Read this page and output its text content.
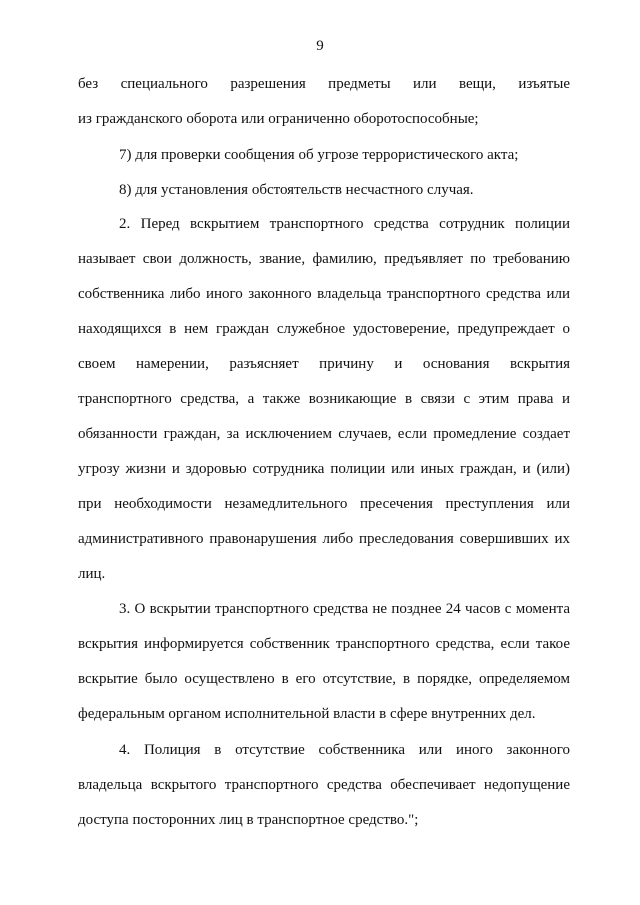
9
без специального разрешения предметы или вещи, изъятые
из гражданского оборота или ограниченно оборотоспособные;
7) для проверки сообщения об угрозе террористического акта;
8) для установления обстоятельств несчастного случая.
2. Перед вскрытием транспортного средства сотрудник полиции
называет свои должность, звание, фамилию, предъявляет по требованию
собственника либо иного законного владельца транспортного средства или
находящихся в нем граждан служебное удостоверение, предупреждает о
своем намерении, разъясняет причину и основания вскрытия
транспортного средства, а также возникающие в связи с этим права и
обязанности граждан, за исключением случаев, если промедление создает
угрозу жизни и здоровью сотрудника полиции или иных граждан, и (или)
при необходимости незамедлительного пресечения преступления или
административного правонарушения либо преследования совершивших их
лиц.
3. О вскрытии транспортного средства не позднее 24 часов с момента
вскрытия информируется собственник транспортного средства, если такое
вскрытие было осуществлено в его отсутствие, в порядке, определяемом
федеральным органом исполнительной власти в сфере внутренних дел.
4. Полиция в отсутствие собственника или иного законного
владельца вскрытого транспортного средства обеспечивает недопущение
доступа посторонних лиц в транспортное средство.";
